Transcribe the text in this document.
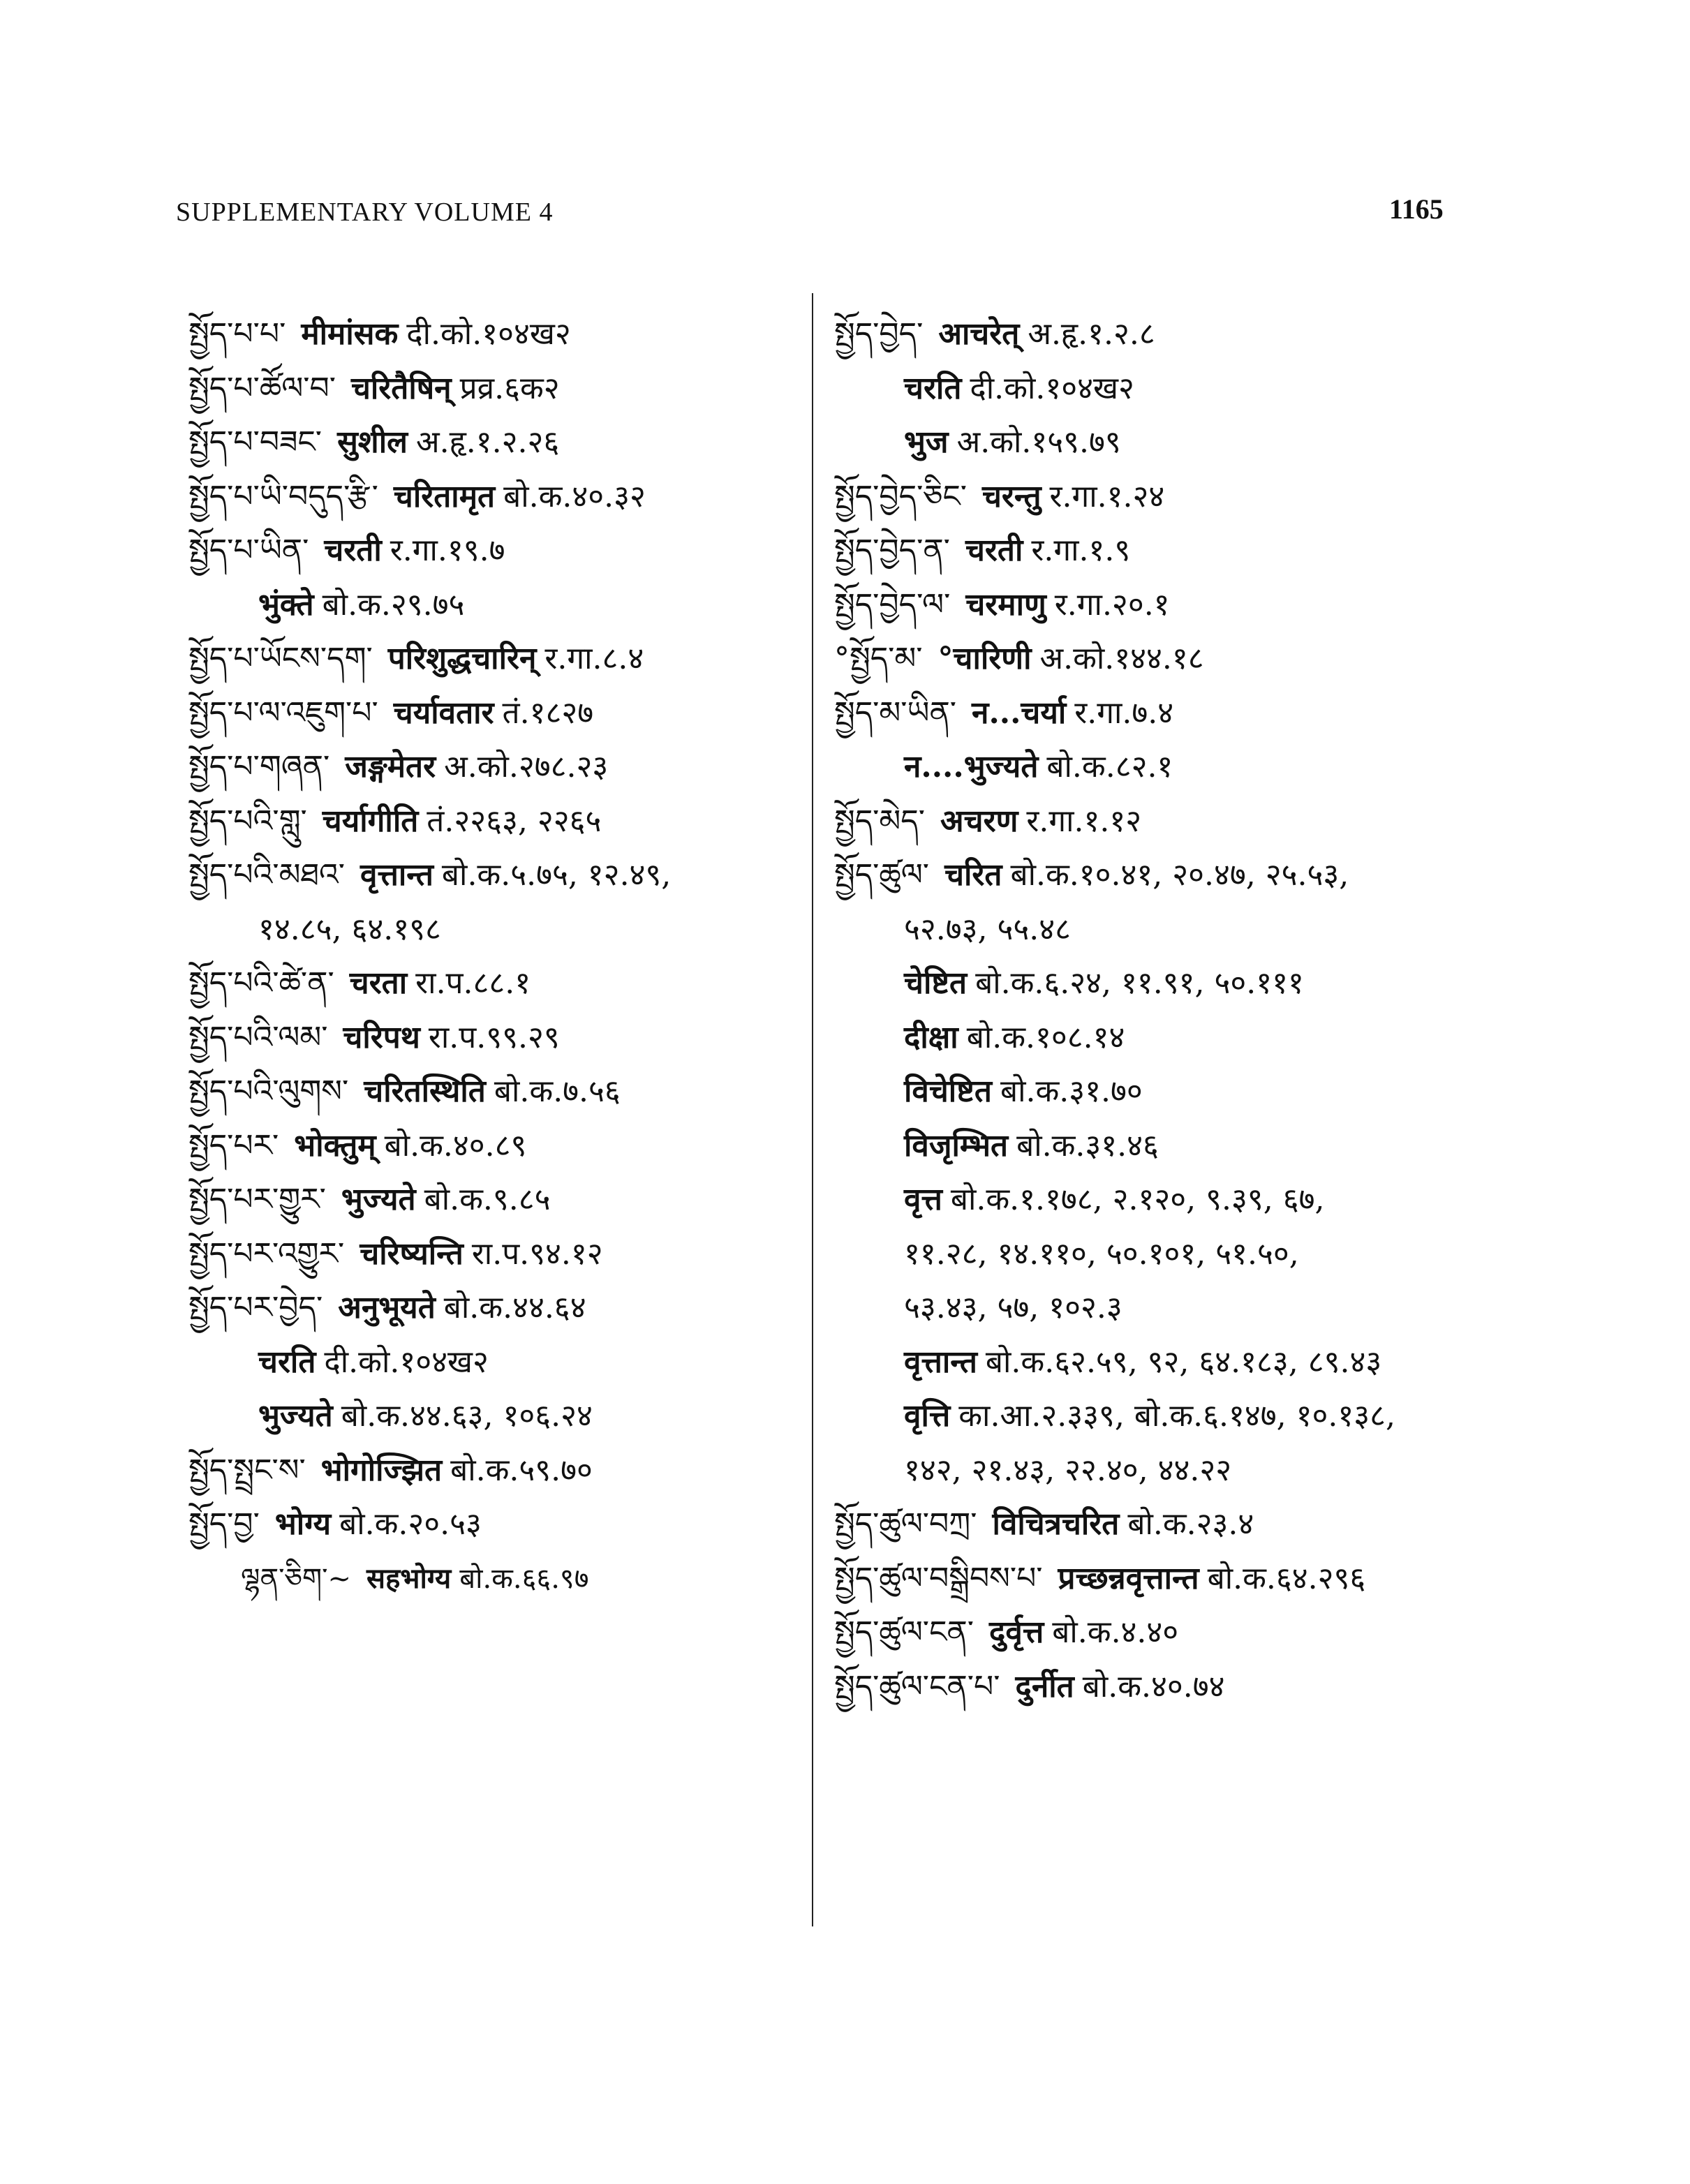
SUPPLEMENTARY VOLUME 4	1165
སྤྱོད་པ་པ་ मीमांसक दी.को.१०४ख२
སྤྱོད་པ་ཚོལ་བ་ चरितैषिन् प्रव्र.६क२
སྤྱོད་པ་བཟང་ सुशील अ.हृ.१.२.२६
སྤྱོད་པ་ཡི་བདུད་རྩི་ चरितामृत बो.क.४०.३२
སྤྱོད་པ་ཡིན་ चरती र.गा.१९.७
भुंक्ते बो.क.२९.७५
སྤྱོད་པ་ཡོངས་དག་ परिशुद्धचारिन् र.गा.८.४
སྤྱོད་པ་ལ་འཇུག་པ་ चर्यावतार तं.१८२७
སྤྱོད་པ་གཞན་ जङ्गमेतर अ.को.२७८.२३
སྤྱོད་པའི་གླུ་ चर्यागीति तं.२२६३, २२६५
སྤྱོད་པའི་མཐའ་ वृत्तान्त बो.क.५.७५, १२.४९,
१४.८५, ६४.१९८
སྤྱོད་པའི་ཚེ་ན་ चरता रा.प.८८.१
སྤྱོད་པའི་ལམ་ चरिपथ रा.प.९९.२९
སྤྱོད་པའི་ལུགས་ चरितस्थिति बो.क.७.५६
སྤྱོད་པར་ भोक्तुम् बो.क.४०.८९
སྤྱོད་པར་གྱུར་ भुज्यते बो.क.९.८५
སྤྱོད་པར་འགྱུར་ चरिष्यन्ति रा.प.९४.१२
སྤྱོད་པར་བྱེད་ अनुभूयते बो.क.४४.६४
चरति दी.को.१०४ख२
भुज्यते बो.क.४४.६३, १०६.२४
སྤྱོད་སྤྲང་ས་ भोगोज्झित बो.क.५९.७०
སྤྱོད་བྱ་ भोग्य बो.क.२०.५३
ལྷན་ཅིག་~ सहभोग्य बो.क.६६.९७
སྤྱོད་བྱེད་ आचरेत् अ.हृ.१.२.८
चरति दी.को.१०४ख२
भुज अ.को.१५९.७९
སྤྱོད་བྱེད་ཅིང་ चरन्तु र.गा.१.२४
སྤྱོད་བྱེད་ན་ चरती र.गा.१.९
སྤྱོད་བྱེད་ལ་ चरमाणु र.गा.२०.१
°སྤྱོད་མ་ °चारिणी अ.को.१४४.१८
སྤྱོད་མ་ཡིན་ न...चर्या र.गा.७.४
न....भुज्यते बो.क.८२.१
སྤྱོད་མེད་ अचरण र.गा.१.१२
སྤྱོད་ཚུལ་ चरित बो.क.१०.४१, २०.४७, २५.५३,
५२.७३, ५५.४८
चेष्टित बो.क.६.२४, ११.९१, ५०.१११
दीक्षा बो.क.१०८.१४
विचेष्टित बो.क.३१.७०
विजृम्भित बो.क.३१.४६
वृत्त बो.क.१.१७८, २.१२०, ९.३९, ६७,
११.२८, १४.११०, ५०.१०१, ५१.५०,
५३.४३, ५७, १०२.३
वृत्तान्त बो.क.६२.५९, ९२, ६४.१८३, ८९.४३
वृत्ति का.आ.२.३३९, बो.क.६.१४७, १०.१३८,
१४२, २१.४३, २२.४०, ४४.२२
སྤྱོད་ཚུལ་བཀྲ་ विचित्रचरित बो.क.२३.४
སྤྱོད་ཚུལ་བསྒྲིབས་པ་ प्रच्छन्नवृत्तान्त बो.क.६४.२९६
སྤྱོད་ཚུལ་ངན་ दुर्वृत्त बो.क.४.४०
སྤྱོད་ཚུལ་ངན་པ་ दुर्नीत बो.क.४०.७४
